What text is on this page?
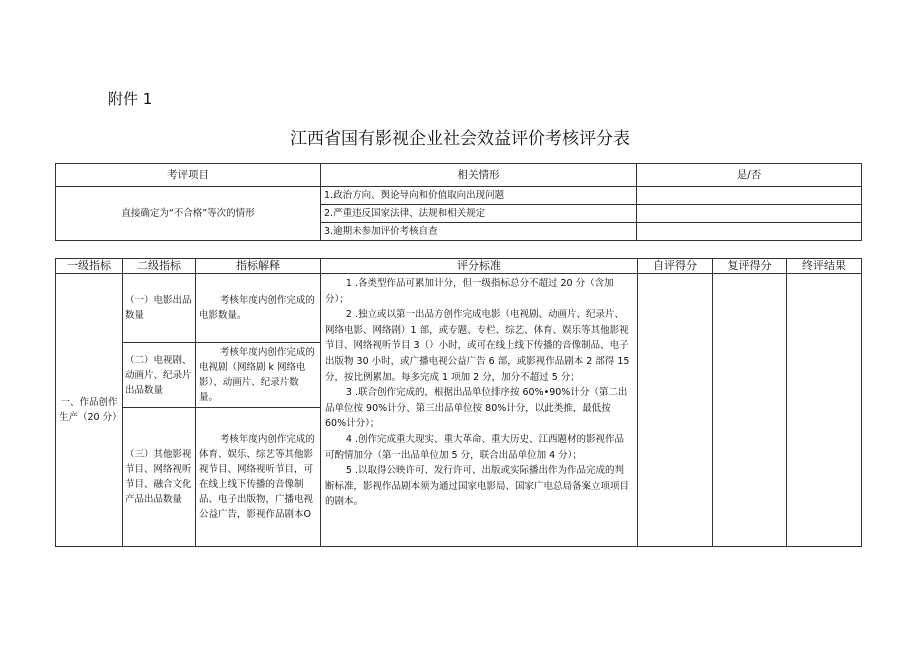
附件 1
江西省国有影视企业社会效益评价考核评分表
考评项目	相关情形	是/否
直接确定为“不合格”等次的情形	1.政治方向、舆论导向和价值取向出现问题	
	2.严重违反国家法律、法规和相关规定	
	3.逾期未参加评价考核自查	
一级指标	二级指标	指标解释	评分标准	自评得分	复评得分	终评结果
一、作品创作生产（20 分）	（一）电影出品数量	考核年度内创作完成的电影数量。	1 .各类型作品可累加计分，但一级指标总分不超过 20 分（含加分）；
2 .独立或以第一出品方创作完成电影（电视剧、动画片、纪录片、网络电影、网络剧）1 部，或专题、专栏、综艺、体育、娱乐等其他影视节目、网络视听节目 3（）小时，或可在线上线下传播的音像制品、电子出版物 30 小时，或广播电视公益广告 6 部，或影视作品剧本 2 部得 15 分，按比例累加。每多完成 1 项加 2 分，加分不超过 5 分；
3 .联合创作完成的，根据出品单位排序按 60%•90%计分（第二出品单位按 90%计分、第三出品单位按 80%计分，以此类推，最低按 60%计分）；
4 .创作完成重大现实、重大革命、重大历史、江西题材的影视作品可酌情加分（第一出品单位加 5 分，联合出品单位加 4 分）；
5 .以取得公映许可、发行许可、出版或实际播出作为作品完成的判断标准，影视作品剧本须为通过国家电影局、国家广电总局备案立项项目的剧本。			

	（二）电视剧、动画片、纪录片出品数量	考核年度内创作完成的电视剧（网络剧 k 网络电影）、动画片、纪录片数量。				
	（三）其他影视节目、网络视听节目、融合文化产品出品数量	考核年度内创作完成的体育、娱乐、综艺等其他影视节目、网络视听节目，可在线上线下传播的音像制品、电子出版物，广播电视公益广告，影视作品剧本O				
